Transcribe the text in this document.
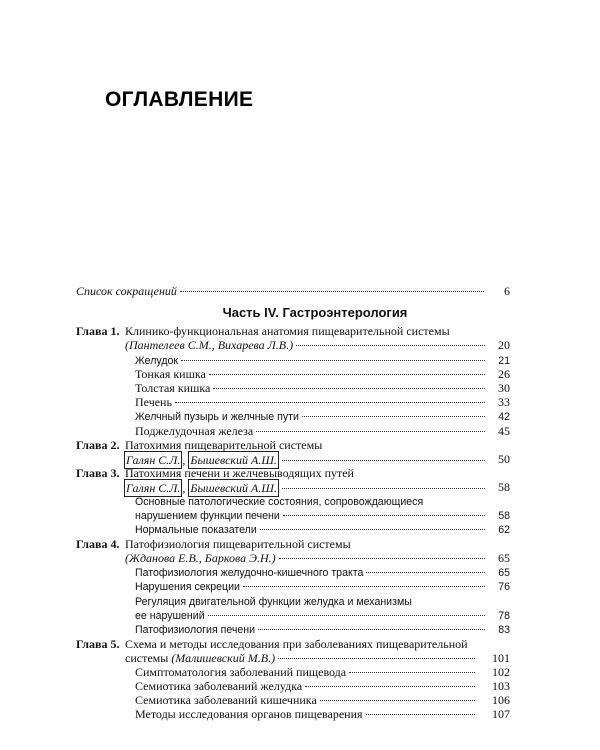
ОГЛАВЛЕНИЕ
Список сокращений	6
Часть IV. Гастроэнтерология
Глава 1. Клинико-функциональная анатомия пищеварительной системы
(Пантелеев С.М., Вихарева Л.В.)	20
Желудок	21
Тонкая кишка	26
Толстая кишка	30
Печень	33
Желчный пузырь и желчные пути	42
Поджелудочная железа	45
Глава 2. Патохимия пищеварительной системы
Галян С.Л. ,
Бышевский А.Ш.	50
Глава 3. Патохимия печени и желчевыводящих путей
Галян С.Л. ,
Бышевский А.Ш.	58
Основные патологические состояния, сопровождающиеся
нарушением функции печени	58
Нормальные показатели	62
Глава 4. Патофизиология пищеварительной системы
(Жданова Е.В., Баркова Э.Н.)	65
Патофизиология желудочно-кишечного тракта	65
Нарушения секреции	76
Регуляция двигательной функции желудка и механизмы
ее нарушений	78
Патофизиология печени	83
Глава 5. Схема и методы исследования при заболеваниях пищеварительной
системы (Малишевский М.В.)	101
Симптоматология заболеваний пищевода	102
Семиотика заболеваний желудка	103
Семиотика заболеваний кишечника	106
Методы исследования органов пищеварения	107
